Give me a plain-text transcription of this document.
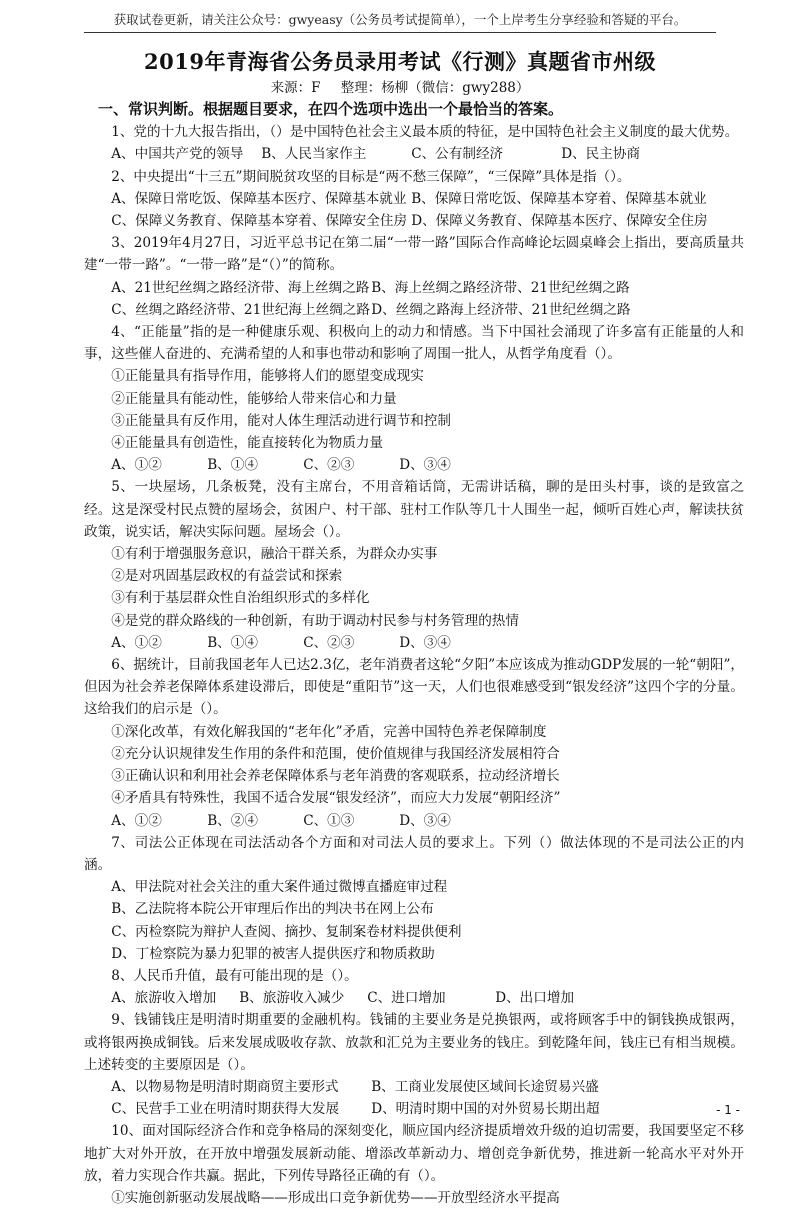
获取试卷更新，请关注公众号：gwyeasy（公务员考试提简单），一个上岸考生分享经验和答疑的平台。
2019年青海省公务员录用考试《行测》真题省市州级
来源：F 整理：杨柳（微信：gwy288）
一、常识判断。根据题目要求，在四个选项中选出一个最恰当的答案。

1、党的十九大报告指出，（）是中国特色社会主义最本质的特征，是中国特色社会主义制度的最大优势。

A、中国共产党的领导 B、人民当家作主	C、公有制经济	D、民主协商

2、中央提出“十三五”期间脱贫攻坚的目标是“两不愁三保障”，“三保障”具体是指（）。

A、保障日常吃饭、保障基本医疗、保障基本就业 B、保障日常吃饭、保障基本穿着、保障基本就业
C、保障义务教育、保障基本穿着、保障安全住房 D、保障义务教育、保障基本医疗、保障安全住房

3、2019年4月27日，习近平总书记在第二届“一带一路”国际合作高峰论坛圆桌峰会上指出，要高质量共建“一带一路”。“一带一路”是“（）”的简称。

A、21世纪丝绸之路经济带、海上丝绸之路 B、海上丝绸之路经济带、21世纪丝绸之路
C、丝绸之路经济带、21世纪海上丝绸之路D、丝绸之路海上经济带、21世纪丝绸之路

4、“正能量”指的是一种健康乐观、积极向上的动力和情感。当下中国社会涌现了许多富有正能量的人和事，这些催人奋进的、充满希望的人和事也带动和影响了周围一批人，从哲学角度看（）。

①正能量具有指导作用，能够将人们的愿望变成现实
②正能量具有能动性，能够给人带来信心和力量
③正能量具有反作用，能对人体生理活动进行调节和控制
④正能量具有创造性，能直接转化为物质力量
A、①②	B、①④	C、②③	D、③④

5、一块屋场，几条板凳，没有主席台，不用音箱话筒，无需讲话稿，聊的是田头村事，谈的是致富之经。这是深受村民点赞的屋场会，贫困户、村干部、驻村工作队等几十人围坐一起，倾听百姓心声，解读扶贫政策，说实话，解决实际问题。屋场会（）。

①有利于增强服务意识，融洽干群关系，为群众办实事
②是对巩固基层政权的有益尝试和探索
③有利于基层群众性自治组织形式的多样化
④是党的群众路线的一种创新，有助于调动村民参与村务管理的热情
A、①②	B、①④	C、②③	D、③④

6、据统计，目前我国老年人已达2.3亿，老年消费者这轮“夕阳”本应该成为推动GDP发展的一轮“朝阳”，但因为社会养老保障体系建设滞后，即使是“重阳节”这一天，人们也很难感受到“银发经济”这四个字的分量。这给我们的启示是（）。

①深化改革，有效化解我国的“老年化”矛盾，完善中国特色养老保障制度
②充分认识规律发生作用的条件和范围，使价值规律与我国经济发展相符合
③正确认识和利用社会养老保障体系与老年消费的客观联系，拉动经济增长
④矛盾具有特殊性，我国不适合发展“银发经济”，而应大力发展“朝阳经济”
A、①②	B、②④	C、①③	D、③④

7、司法公正体现在司法活动各个方面和对司法人员的要求上。下列（）做法体现的不是司法公正的内涵。

A、甲法院对社会关注的重大案件通过微博直播庭审过程
B、乙法院将本院公开审理后作出的判决书在网上公布
C、丙检察院为辩护人查阅、摘抄、复制案卷材料提供便利
D、丁检察院为暴力犯罪的被害人提供医疗和物质救助

8、人民币升值，最有可能出现的是（）。

A、旅游收入增加 B、旅游收入减少 C、进口增加	D、出口增加

9、钱铺钱庄是明清时期重要的金融机构。钱铺的主要业务是兑换银两，或将顾客手中的铜钱换成银两，或将银两换成铜钱。后来发展成吸收存款、放款和汇兑为主要业务的钱庄。到乾隆年间，钱庄已有相当规模。上述转变的主要原因是（）。

A、以物易物是明清时期商贸主要形式 B、工商业发展使区域间长途贸易兴盛
C、民营手工业在明清时期获得大发展 D、明清时期中国的对外贸易长期出超

10、面对国际经济合作和竞争格局的深刻变化，顺应国内经济提质增效升级的迫切需要，我国要坚定不移地扩大对外开放，在开放中增强发展新动能、增添改革新动力、增创竞争新优势，推进新一轮高水平对外开放，着力实现合作共赢。据此，下列传导路径正确的有（）。

①实施创新驱动发展战略——形成出口竞争新优势——开放型经济水平提高
- 1 -
